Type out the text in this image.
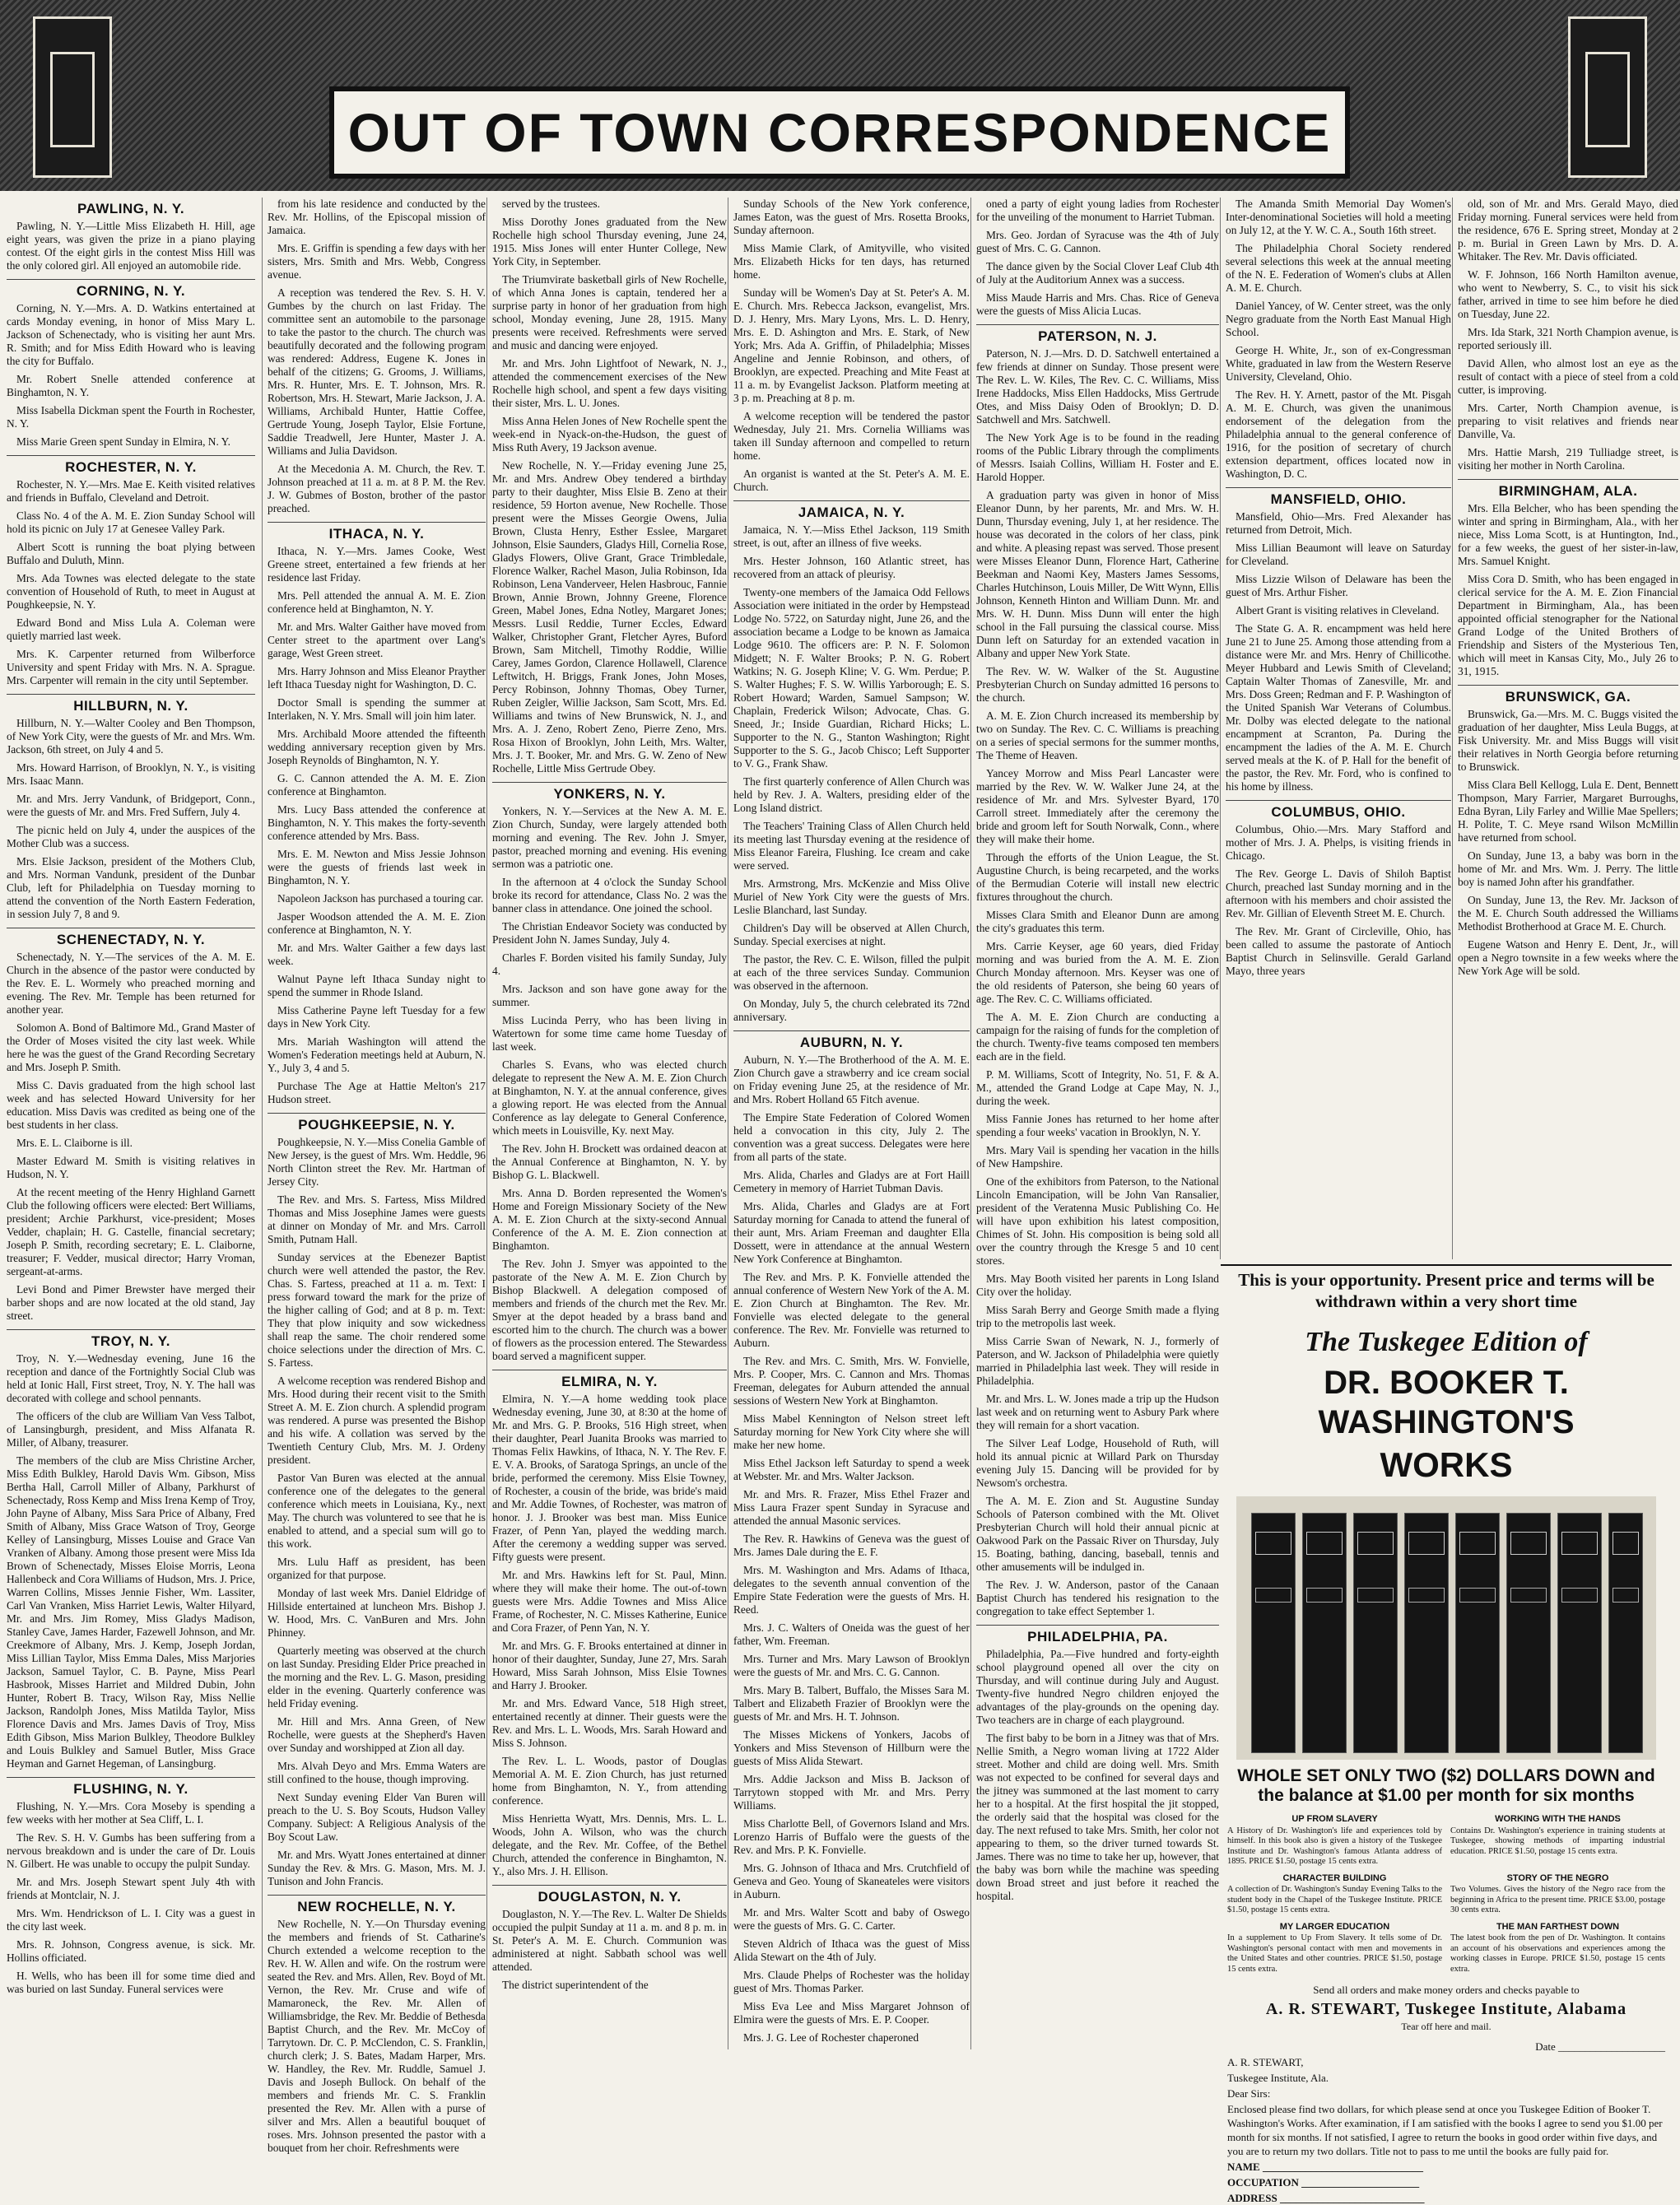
OUT OF TOWN CORRESPONDENCE
PAWLING, N. Y.

Pawling, N. Y.—Little Miss Elizabeth H. Hill, age eight years, was given the prize in a piano playing contest. Of the eight girls in the contest Miss Hill was the only colored girl. All enjoyed an automobile ride.

CORNING, N. Y.

Corning, N. Y.—Mrs. A. D. Watkins entertained at cards Monday evening, in honor of Miss Mary L. Jackson of Schenectady, who is visiting her aunt Mrs. R. Smith; and for Miss Edith Howard who is leaving the city for Buffalo.

Mr. Robert Snelle attended conference at Binghamton, N. Y.

Miss Isabella Dickman spent the Fourth in Rochester, N. Y.

Miss Marie Green spent Sunday in Elmira, N. Y.

ROCHESTER, N. Y.

Rochester, N. Y.—Mrs. Mae E. Keith visited relatives and friends in Buffalo, Cleveland and Detroit.

Class No. 4 of the A. M. E. Zion Sunday School will hold its picnic on July 17 at Genesee Valley Park.

Albert Scott is running the boat plying between Buffalo and Duluth, Minn.

Mrs. Ada Townes was elected delegate to the state convention of Household of Ruth, to meet in August at Poughkeepsie, N. Y.

Edward Bond and Miss Lula A. Coleman were quietly married last week.

Mrs. K. Carpenter returned from Wilberforce University and spent Friday with Mrs. N. A. Sprague. Mrs. Carpenter will remain in the city until September.

HILLBURN, N. Y.

Hillburn, N. Y.—Walter Cooley and Ben Thompson, of New York City, were the guests of Mr. and Mrs. Wm. Jackson, 6th street, on July 4 and 5.

Mrs. Howard Harrison, of Brooklyn, N. Y., is visiting Mrs. Isaac Mann.

Mr. and Mrs. Jerry Vandunk, of Bridgeport, Conn., were the guests of Mr. and Mrs. Fred Suffern, July 4.

The picnic held on July 4, under the auspices of the Mother Club was a success.

Mrs. Elsie Jackson, president of the Mothers Club, and Mrs. Norman Vandunk, president of the Dunbar Club, left for Philadelphia on Tuesday morning to attend the convention of the North Eastern Federation, in session July 7, 8 and 9.

SCHENECTADY, N. Y.

Schenectady, N. Y.—The services of the A. M. E. Church in the absence of the pastor were conducted by the Rev. E. L. Wormely who preached morning and evening. The Rev. Mr. Temple has been returned for another year.

Solomon A. Bond of Baltimore Md., Grand Master of the Order of Moses visited the city last week. While here he was the guest of the Grand Recording Secretary and Mrs. Joseph P. Smith.

Miss C. Davis graduated from the high school last week and has selected Howard University for her education. Miss Davis was credited as being one of the best students in her class.

Mrs. E. L. Claiborne is ill.

Master Edward M. Smith is visiting relatives in Hudson, N. Y.

At the recent meeting of the Henry Highland Garnett Club the following officers were elected: Bert Williams, president; Archie Parkhurst, vice-president; Moses Vedder, chaplain; H. G. Castelle, financial secretary; Joseph P. Smith, recording secretary; E. L. Claiborne, treasurer; F. Vedder, musical director; Harry Vroman, sergeant-at-arms.

Levi Bond and Pimer Brewster have merged their barber shops and are now located at the old stand, Jay street.

TROY, N. Y.

Troy, N. Y.—Wednesday evening, June 16 the reception and dance of the Fortnightly Social Club was held at Ionic Hall, First street, Troy, N. Y. The hall was decorated with college and school pennants.

The officers of the club are William Van Vess Talbot, of Lansingburgh, president, and Miss Alfanata R. Miller, of Albany, treasurer.

The members of the club are Miss Christine Archer, Miss Edith Bulkley, Harold Davis Wm. Gibson, Miss Bertha Hall, Carroll Miller of Albany, Parkhurst of Schenectady, Ross Kemp and Miss Irena Kemp of Troy, John Payne of Albany, Miss Sara Price of Albany, Fred Smith of Albany, Miss Grace Watson of Troy, George Kelley of Lansingburg, Misses Louise and Grace Van Vranken of Albany. Among those present were Miss Ida Brown of Schenectady, Misses Eloise Morris, Leona Hallenbeck and Cora Williams of Hudson, Mrs. J. Price, Warren Collins, Misses Jennie Fisher, Wm. Lassiter, Carl Van Vranken, Miss Harriet Lewis, Walter Hilyard, Mr. and Mrs. Jim Romey, Miss Gladys Madison, Stanley Cave, James Harder, Fazewell Johnson, and Mr. Creekmore of Albany, Mrs. J. Kemp, Joseph Jordan, Miss Lillian Taylor, Miss Emma Dales, Miss Marjories Jackson, Samuel Taylor, C. B. Payne, Miss Pearl Hasbrook, Misses Harriet and Mildred Dubin, John Hunter, Robert B. Tracy, Wilson Ray, Miss Nellie Jackson, Randolph Jones, Miss Matilda Taylor, Miss Florence Davis and Mrs. James Davis of Troy, Miss Edith Gibson, Miss Marion Bulkley, Theodore Bulkley and Louis Bulkley and Samuel Butler, Miss Grace Heyman and Garnet Hegeman, of Lansingburg.

FLUSHING, N. Y.

Flushing, N. Y.—Mrs. Cora Moseby is spending a few weeks with her mother at Sea Cliff, L. I.

The Rev. S. H. V. Gumbs has been suffering from a nervous breakdown and is under the care of Dr. Louis N. Gilbert. He was unable to occupy the pulpit Sunday.

Mr. and Mrs. Joseph Stewart spent July 4th with friends at Montclair, N. J.

Mrs. Wm. Hendrickson of L. I. City was a guest in the city last week.

Mrs. R. Johnson, Congress avenue, is sick. Mr. Hollins officiated.

H. Wells, who has been ill for some time died and was buried on last Sunday. Funeral services were

from his late residence and conducted by the Rev. Mr. Hollins, of the Episcopal mission of Jamaica.

Mrs. E. Griffin is spending a few days with her sisters, Mrs. Smith and Mrs. Webb, Congress avenue.

A reception was tendered the Rev. S. H. V. Gumbes by the church on last Friday. The committee sent an automobile to the parsonage to take the pastor to the church. The church was beautifully decorated and the following program was rendered: Address, Eugene K. Jones in behalf of the citizens; G. Grooms, J. Williams, Mrs. R. Hunter, Mrs. E. T. Johnson, Mrs. R. Robertson, Mrs. H. Stewart, Marie Jackson, J. A. Williams, Archibald Hunter, Hattie Coffee, Gertrude Young, Joseph Taylor, Elsie Fortune, Saddie Treadwell, Jere Hunter, Master J. A. Williams and Julia Davidson.

At the Mecedonia A. M. Church, the Rev. T. Johnson preached at 11 a. m. at 8 P. M. the Rev. J. W. Gubmes of Boston, brother of the pastor preached.

ITHACA, N. Y.

Ithaca, N. Y.—Mrs. James Cooke, West Greene street, entertained a few friends at her residence last Friday.

Mrs. Pell attended the annual A. M. E. Zion conference held at Binghamton, N. Y.

Mr. and Mrs. Walter Gaither have moved from Center street to the apartment over Lang's garage, West Green street.

Mrs. Harry Johnson and Miss Eleanor Prayther left Ithaca Tuesday night for Washington, D. C.

Doctor Small is spending the summer at Interlaken, N. Y. Mrs. Small will join him later.

Mrs. Archibald Moore attended the fifteenth wedding anniversary reception given by Mrs. Joseph Reynolds of Binghamton, N. Y.

G. C. Cannon attended the A. M. E. Zion conference at Binghamton.

Mrs. Lucy Bass attended the conference at Binghamton, N. Y. This makes the forty-seventh conference attended by Mrs. Bass.

Mrs. E. M. Newton and Miss Jessie Johnson were the guests of friends last week in Binghamton, N. Y.

Napoleon Jackson has purchased a touring car.

Jasper Woodson attended the A. M. E. Zion conference at Binghamton, N. Y.

Mr. and Mrs. Walter Gaither a few days last week.

Walnut Payne left Ithaca Sunday night to spend the summer in Rhode Island.

Miss Catherine Payne left Tuesday for a few days in New York City.

Mrs. Mariah Washington will attend the Women's Federation meetings held at Auburn, N. Y., July 3, 4 and 5.

Purchase The Age at Hattie Melton's 217 Hudson street.

POUGHKEEPSIE, N. Y.

Poughkeepsie, N. Y.—Miss Conelia Gamble of New Jersey, is the guest of Mrs. Wm. Heddle, 96 North Clinton street the Rev. Mr. Hartman of Jersey City.

The Rev. and Mrs. S. Fartess, Miss Mildred Thomas and Miss Josephine James were guests at dinner on Monday of Mr. and Mrs. Carroll Smith, Putnam Hall.

Sunday services at the Ebenezer Baptist church were well attended the pastor, the Rev. Chas. S. Fartess, preached at 11 a. m. Text: I press forward toward the mark for the prize of the higher calling of God; and at 8 p. m. Text: They that plow iniquity and sow wickedness shall reap the same. The choir rendered some choice selections under the direction of Mrs. C. S. Fartess.

A welcome reception was rendered Bishop and Mrs. Hood during their recent visit to the Smith Street A. M. E. Zion church. A splendid program was rendered. A purse was presented the Bishop and his wife. A collation was served by the Twentieth Century Club, Mrs. M. J. Ordeny president.

Pastor Van Buren was elected at the annual conference one of the delegates to the general conference which meets in Louisiana, Ky., next May. The church was voluntered to see that he is enabled to attend, and a special sum will go to this work.

Mrs. Lulu Haff as president, has been organized for that purpose.

Monday of last week Mrs. Daniel Eldridge of Hillside entertained at luncheon Mrs. Bishop J. W. Hood, Mrs. C. VanBuren and Mrs. John Phinney.

Quarterly meeting was observed at the church on last Sunday. Presiding Elder Price preached in the morning and the Rev. L. G. Mason, presiding elder in the evening. Quarterly conference was held Friday evening.

Mr. Hill and Mrs. Anna Green, of New Rochelle, were guests at the Shepherd's Haven over Sunday and worshipped at Zion all day.

Mrs. Alvah Deyo and Mrs. Emma Waters are still confined to the house, though improving.

Next Sunday evening Elder Van Buren will preach to the U. S. Boy Scouts, Hudson Valley Company. Subject: A Religious Analysis of the Boy Scout Law.

Mr. and Mrs. Wyatt Jones entertained at dinner Sunday the Rev. & Mrs. G. Mason, Mrs. M. J. Tunison and John Francis.

NEW ROCHELLE, N. Y.

New Rochelle, N. Y.—On Thursday evening the members and friends of St. Catharine's Church extended a welcome reception to the Rev. H. W. Allen and wife. On the rostrum were seated the Rev. and Mrs. Allen, Rev. Boyd of Mt. Vernon, the Rev. Mr. Cruse and wife of Mamaroneck, the Rev. Mr. Allen of Williamsbridge, the Rev. Mr. Beddie of Bethesda Baptist Church, and the Rev. Mr. McCoy of Tarrytown. Dr. C. P. McClendon, C. S. Franklin, church clerk; J. S. Bates, Madam Harper, Mrs. W. Handley, the Rev. Mr. Ruddle, Samuel J. Davis and Joseph Bullock. On behalf of the members and friends Mr. C. S. Franklin presented the Rev. Mr. Allen with a purse of silver and Mrs. Allen a beautiful bouquet of roses. Mrs. Johnson presented the pastor with a bouquet from her choir. Refreshments were

served by the trustees.

Miss Dorothy Jones graduated from the New Rochelle high school Thursday evening, June 24, 1915. Miss Jones will enter Hunter College, New York City, in September.

The Triumvirate basketball girls of New Rochelle, of which Anna Jones is captain, tendered her a surprise party in honor of her graduation from high school, Monday evening, June 28, 1915. Many presents were received. Refreshments were served and music and dancing were enjoyed.

Mr. and Mrs. John Lightfoot of Newark, N. J., attended the commencement exercises of the New Rochelle high school, and spent a few days visiting their sister, Mrs. L. U. Jones.

Miss Anna Helen Jones of New Rochelle spent the week-end in Nyack-on-the-Hudson, the guest of Miss Ruth Avery, 19 Jackson avenue.

New Rochelle, N. Y.—Friday evening June 25, Mr. and Mrs. Andrew Obey tendered a birthday party to their daughter, Miss Elsie B. Zeno at their residence, 59 Horton avenue, New Rochelle. Those present were the Misses Georgie Owens, Julia Brown, Clusta Henry, Esther Esslee, Margaret Johnson, Elsie Saunders, Gladys Hill, Cornelia Rose, Gladys Flowers, Olive Grant, Grace Trimbledale, Florence Walker, Rachel Mason, Julia Robinson, Ida Robinson, Lena Vanderveer, Helen Hasbrouc, Fannie Brown, Annie Brown, Johnny Greene, Florence Green, Mabel Jones, Edna Notley, Margaret Jones; Messrs. Lusil Reddie, Turner Eccles, Edward Walker, Christopher Grant, Fletcher Ayres, Buford Brown, Sam Mitchell, Timothy Roddie, Willie Carey, James Gordon, Clarence Hollawell, Clarence Leftwitch, H. Briggs, Frank Jones, John Moses, Percy Robinson, Johnny Thomas, Obey Turner, Ruben Zeigler, Willie Jackson, Sam Scott, Mrs. Ed. Williams and twins of New Brunswick, N. J., and Mrs. A. J. Zeno, Robert Zeno, Pierre Zeno, Mrs. Rosa Hixon of Brooklyn, John Leith, Mrs. Walter, Mrs. J. T. Booker, Mr. and Mrs. G. W. Zeno of New Rochelle, Little Miss Gertrude Obey.

YONKERS, N. Y.

Yonkers, N. Y.—Services at the New A. M. E. Zion Church, Sunday, were largely attended both morning and evening. The Rev. John J. Smyer, pastor, preached morning and evening. His evening sermon was a patriotic one.

In the afternoon at 4 o'clock the Sunday School broke its record for attendance, Class No. 2 was the banner class in attendance. One joined the school.

The Christian Endeavor Society was conducted by President John N. James Sunday, July 4.

Charles F. Borden visited his family Sunday, July 4.

Mrs. Jackson and son have gone away for the summer.

Miss Lucinda Perry, who has been living in Watertown for some time came home Tuesday of last week.

Charles S. Evans, who was elected church delegate to represent the New A. M. E. Zion Church at Binghamton, N. Y. at the annual conference, gives a glowing report. He was elected from the Annual Conference as lay delegate to General Conference, which meets in Louisville, Ky. next May.

The Rev. John H. Brockett was ordained deacon at the Annual Conference at Binghamton, N. Y. by Bishop G. L. Blackwell.

Mrs. Anna D. Borden represented the Women's Home and Foreign Missionary Society of the New A. M. E. Zion Church at the sixty-second Annual Conference of the A. M. E. Zion connection at Binghamton.

The Rev. John J. Smyer was appointed to the pastorate of the New A. M. E. Zion Church by Bishop Blackwell. A delegation composed of members and friends of the church met the Rev. Mr. Smyer at the depot headed by a brass band and escorted him to the church. The church was a bower of flowers as the procession entered. The Stewardess board served a magnificent supper.

ELMIRA, N. Y.

Elmira, N. Y.—A home wedding took place Wednesday evening, June 30, at 8:30 at the home of Mr. and Mrs. G. P. Brooks, 516 High street, when their daughter, Pearl Juanita Brooks was married to Thomas Felix Hawkins, of Ithaca, N. Y. The Rev. F. E. V. A. Brooks, of Saratoga Springs, an uncle of the bride, performed the ceremony. Miss Elsie Towney, of Rochester, a cousin of the bride, was bride's maid and Mr. Addie Townes, of Rochester, was matron of honor. J. J. Brooker was best man. Miss Eunice Frazer, of Penn Yan, played the wedding march. After the ceremony a wedding supper was served. Fifty guests were present.

Mr. and Mrs. Hawkins left for St. Paul, Minn. where they will make their home. The out-of-town guests were Mrs. Addie Townes and Miss Alice Frame, of Rochester, N. C. Misses Katherine, Eunice and Cora Frazer, of Penn Yan, N. Y.

Mr. and Mrs. G. F. Brooks entertained at dinner in honor of their daughter, Sunday, June 27, Mrs. Sarah Howard, Miss Sarah Johnson, Miss Elsie Townes and Harry J. Brooker.

Mr. and Mrs. Edward Vance, 518 High street, entertained recently at dinner. Their guests were the Rev. and Mrs. L. L. Woods, Mrs. Sarah Howard and Miss S. Johnson.

The Rev. L. L. Woods, pastor of Douglas Memorial A. M. E. Zion Church, has just returned home from Binghamton, N. Y., from attending conference.

Miss Henrietta Wyatt, Mrs. Dennis, Mrs. L. L. Woods, John A. Wilson, who was the church delegate, and the Rev. Mr. Coffee, of the Bethel Church, attended the conference in Binghamton, N. Y., also Mrs. J. H. Ellison.

DOUGLASTON, N. Y.

Douglaston, N. Y.—The Rev. L. Walter De Shields occupied the pulpit Sunday at 11 a. m. and 8 p. m. in St. Peter's A. M. E. Church. Communion was administered at night. Sabbath school was well attended.

The district superintendent of the

Sunday Schools of the New York conference, James Eaton, was the guest of Mrs. Rosetta Brooks, Sunday afternoon.

Miss Mamie Clark, of Amityville, who visited Mrs. Elizabeth Hicks for ten days, has returned home.

Sunday will be Women's Day at St. Peter's A. M. E. Church. Mrs. Rebecca Jackson, evangelist, Mrs. D. J. Henry, Mrs. Mary Lyons, Mrs. L. D. Henry, Mrs. E. D. Ashington and Mrs. E. Stark, of New York; Mrs. Ada A. Griffin, of Philadelphia; Misses Angeline and Jennie Robinson, and others, of Brooklyn, are expected. Preaching and Mite Feast at 11 a. m. by Evangelist Jackson. Platform meeting at 3 p. m. Preaching at 8 p. m.

A welcome reception will be tendered the pastor Wednesday, July 21. Mrs. Cornelia Williams was taken ill Sunday afternoon and compelled to return home.

An organist is wanted at the St. Peter's A. M. E. Church.

JAMAICA, N. Y.

Jamaica, N. Y.—Miss Ethel Jackson, 119 Smith street, is out, after an illness of five weeks.

Mrs. Hester Johnson, 160 Atlantic street, has recovered from an attack of pleurisy.

Twenty-one members of the Jamaica Odd Fellows Association were initiated in the order by Hempstead Lodge No. 5722, on Saturday night, June 26, and the association became a Lodge to be known as Jamaica Lodge 9610. The officers are: P. N. F. Solomon Midgett; N. F. Walter Brooks; P. N. G. Robert Watkins; N. G. Joseph Kline; V. G. Wm. Perdue; P. S. Walter Hughes; F. S. W. Willis Yarborough; E. S. Robert Howard; Warden, Samuel Sampson; W. Chaplain, Frederick Wilson; Advocate, Chas. G. Sneed, Jr.; Inside Guardian, Richard Hicks; L. Supporter to the N. G., Stanton Washington; Right Supporter to the S. G., Jacob Chisco; Left Supporter to V. G., Frank Shaw.

The first quarterly conference of Allen Church was held by Rev. J. A. Walters, presiding elder of the Long Island district.

The Teachers' Training Class of Allen Church held its meeting last Thursday evening at the residence of Miss Eleanor Fareira, Flushing. Ice cream and cake were served.

Mrs. Armstrong, Mrs. McKenzie and Miss Olive Muriel of New York City were the guests of Mrs. Leslie Blanchard, last Sunday.

Children's Day will be observed at Allen Church, Sunday. Special exercises at night.

The pastor, the Rev. C. E. Wilson, filled the pulpit at each of the three services Sunday. Communion was observed in the afternoon.

On Monday, July 5, the church celebrated its 72nd anniversary.

AUBURN, N. Y.

Auburn, N. Y.—The Brotherhood of the A. M. E. Zion Church gave a strawberry and ice cream social on Friday evening June 25, at the residence of Mr. and Mrs. Robert Holland 65 Fitch avenue.

The Empire State Federation of Colored Women held a convocation in this city, July 2. The convention was a great success. Delegates were here from all parts of the state.

Mrs. Alida, Charles and Gladys are at Fort Haill Cemetery in memory of Harriet Tubman Davis.

Mrs. Alida, Charles and Gladys are at Fort Saturday morning for Canada to attend the funeral of their aunt, Mrs. Ariam Freeman and daughter Ella Dossett, were in attendance at the annual Western New York Conference at Binghamton.

The Rev. and Mrs. P. K. Fonvielle attended the annual conference of Western New York of the A. M. E. Zion Church at Binghamton. The Rev. Mr. Fonvielle was elected delegate to the general conference. The Rev. Mr. Fonvielle was returned to Auburn.

The Rev. and Mrs. C. Smith, Mrs. W. Fonvielle, Mrs. P. Cooper, Mrs. C. Cannon and Mrs. Thomas Freeman, delegates for Auburn attended the annual sessions of Western New York at Binghamton.

Miss Mabel Kennington of Nelson street left Saturday morning for New York City where she will make her new home.

Miss Ethel Jackson left Saturday to spend a week at Webster. Mr. and Mrs. Walter Jackson.

Mr. and Mrs. R. Frazer, Miss Ethel Frazer and Miss Laura Frazer spent Sunday in Syracuse and attended the annual Masonic services.

The Rev. R. Hawkins of Geneva was the guest of Mrs. James Dale during the E. F.

Mrs. M. Washington and Mrs. Adams of Ithaca, delegates to the seventh annual convention of the Empire State Federation were the guests of Mrs. H. Reed.

Mrs. J. C. Walters of Oneida was the guest of her father, Wm. Freeman.

Mrs. Turner and Mrs. Mary Lawson of Brooklyn were the guests of Mr. and Mrs. C. G. Cannon.

Mrs. Mary B. Talbert, Buffalo, the Misses Sara M. Talbert and Elizabeth Frazier of Brooklyn were the guests of Mr. and Mrs. H. T. Johnson.

The Misses Mickens of Yonkers, Jacobs of Yonkers and Miss Stevenson of Hillburn were the guests of Miss Alida Stewart.

Mrs. Addie Jackson and Miss B. Jackson of Tarrytown stopped with Mr. and Mrs. Perry Williams.

Miss Charlotte Bell, of Governors Island and Mrs. Lorenzo Harris of Buffalo were the guests of the Rev. and Mrs. P. K. Fonvielle.

Mrs. G. Johnson of Ithaca and Mrs. Crutchfield of Geneva and Geo. Young of Skaneateles were visitors in Auburn.

Mr. and Mrs. Walter Scott and baby of Oswego were the guests of Mrs. G. C. Carter.

Steven Aldrich of Ithaca was the guest of Miss Alida Stewart on the 4th of July.

Mrs. Claude Phelps of Rochester was the holiday guest of Mrs. Thomas Parker.

Miss Eva Lee and Miss Margaret Johnson of Elmira were the guests of Mrs. E. P. Cooper.

Mrs. J. G. Lee of Rochester chaperoned

oned a party of eight young ladies from Rochester for the unveiling of the monument to Harriet Tubman.

Mrs. Geo. Jordan of Syracuse was the 4th of July guest of Mrs. C. G. Cannon.

The dance given by the Social Clover Leaf Club 4th of July at the Auditorium Annex was a success.

Miss Maude Harris and Mrs. Chas. Rice of Geneva were the guests of Miss Alicia Lucas.

PATERSON, N. J.

Paterson, N. J.—Mrs. D. D. Satchwell entertained a few friends at dinner on Sunday. Those present were The Rev. L. W. Kiles, The Rev. C. C. Williams, Miss Irene Haddocks, Miss Ellen Haddocks, Miss Gertrude Otes, and Miss Daisy Oden of Brooklyn; D. D. Satchwell and Mrs. Satchwell.

The New York Age is to be found in the reading rooms of the Public Library through the compliments of Messrs. Isaiah Collins, William H. Foster and E. Harold Hopper.

A graduation party was given in honor of Miss Eleanor Dunn, by her parents, Mr. and Mrs. W. H. Dunn, Thursday evening, July 1, at her residence. The house was decorated in the colors of her class, pink and white. A pleasing repast was served. Those present were Misses Eleanor Dunn, Florence Hart, Catherine Beekman and Naomi Key, Masters James Sessoms, Charles Hutchinson, Louis Miller, De Witt Wynn, Ellis Johnson, Kenneth Hinton and William Dunn. Mr. and Mrs. W. H. Dunn. Miss Dunn will enter the high school in the Fall pursuing the classical course. Miss Dunn left on Saturday for an extended vacation in Albany and upper New York State.

The Rev. W. W. Walker of the St. Augustine Presbyterian Church on Sunday admitted 16 persons to the church.

A. M. E. Zion Church increased its membership by two on Sunday. The Rev. C. C. Williams is preaching on a series of special sermons for the summer months, The Theme of Heaven.

Yancey Morrow and Miss Pearl Lancaster were married by the Rev. W. W. Walker June 24, at the residence of Mr. and Mrs. Sylvester Byard, 170 Carroll street. Immediately after the ceremony the bride and groom left for South Norwalk, Conn., where they will make their home.

Through the efforts of the Union League, the St. Augustine Church, is being recarpeted, and the works of the Bermudian Coterie will install new electric fixtures throughout the church.

Misses Clara Smith and Eleanor Dunn are among the city's graduates this term.

Mrs. Carrie Keyser, age 60 years, died Friday morning and was buried from the A. M. E. Zion Church Monday afternoon. Mrs. Keyser was one of the old residents of Paterson, she being 60 years of age. The Rev. C. C. Williams officiated.

The A. M. E. Zion Church are conducting a campaign for the raising of funds for the completion of the church. Twenty-five teams composed ten members each are in the field.

P. M. Williams, Scott of Integrity, No. 51, F. & A. M., attended the Grand Lodge at Cape May, N. J., during the week.

Miss Fannie Jones has returned to her home after spending a four weeks' vacation in Brooklyn, N. Y.

Mrs. Mary Vail is spending her vacation in the hills of New Hampshire.

One of the exhibitors from Paterson, to the National Lincoln Emancipation, will be John Van Ransalier, president of the Veratenna Music Publishing Co. He will have upon exhibition his latest composition, Chimes of St. John. His composition is being sold all over the country through the Kresge 5 and 10 cent stores.

Mrs. May Booth visited her parents in Long Island City over the holiday.

Miss Sarah Berry and George Smith made a flying trip to the metropolis last week.

Miss Carrie Swan of Newark, N. J., formerly of Paterson, and W. Jackson of Philadelphia were quietly married in Philadelphia last week. They will reside in Philadelphia.

Mr. and Mrs. L. W. Jones made a trip up the Hudson last week and on returning went to Asbury Park where they will remain for a short vacation.

The Silver Leaf Lodge, Household of Ruth, will hold its annual picnic at Willard Park on Thursday evening July 15. Dancing will be provided for by Newsom's orchestra.

The A. M. E. Zion and St. Augustine Sunday Schools of Paterson combined with the Mt. Olivet Presbyterian Church will hold their annual picnic at Oakwood Park on the Passaic River on Thursday, July 15. Boating, bathing, dancing, baseball, tennis and other amusements will be indulged in.

The Rev. J. W. Anderson, pastor of the Canaan Baptist Church has tendered his resignation to the congregation to take effect September 1.

PHILADELPHIA, PA.

Philadelphia, Pa.—Five hundred and forty-eighth school playground opened all over the city on Thursday, and will continue during July and August. Twenty-five hundred Negro children enjoyed the advantages of the play-grounds on the opening day. Two teachers are in charge of each playground.

The first baby to be born in a Jitney was that of Mrs. Nellie Smith, a Negro woman living at 1722 Alder street. Mother and child are doing well. Mrs. Smith was not expected to be confined for several days and the jitney was summoned at the last moment to carry her to a hospital. At the first hospital the jit stopped, the orderly said that the hospital was closed for the day. The next refused to take Mrs. Smith, her color not appearing to them, so the driver turned towards St. James. There was no time to take her up, however, that the baby was born while the machine was speeding down Broad street and just before it reached the hospital.

The Amanda Smith Memorial Day Women's Inter-denominational Societies will hold a meeting on July 12, at the Y. W. C. A., South 16th street.

The Philadelphia Choral Society rendered several selections this week at the annual meeting of the N. E. Federation of Women's clubs at Allen A. M. E. Church.

Daniel Yancey, of W. Center street, was the only Negro graduate from the North East Manual High School.

George H. White, Jr., son of ex-Congressman White, graduated in law from the Western Reserve University, Cleveland, Ohio.

The Rev. H. Y. Arnett, pastor of the Mt. Pisgah A. M. E. Church, was given the unanimous endorsement of the delegation from the Philadelphia annual to the general conference of 1916, for the position of secretary of church extension department, offices located now in Washington, D. C.

MANSFIELD, OHIO.

Mansfield, Ohio—Mrs. Fred Alexander has returned from Detroit, Mich.

Miss Lillian Beaumont will leave on Saturday for Cleveland.

Miss Lizzie Wilson of Delaware has been the guest of Mrs. Arthur Fisher.

Albert Grant is visiting relatives in Cleveland.

The State G. A. R. encampment was held here June 21 to June 25. Among those attending from a distance were Mr. and Mrs. Henry of Chillicothe. Meyer Hubbard and Lewis Smith of Cleveland; Captain Walter Thomas of Zanesville, Mr. and Mrs. Doss Green; Redman and F. P. Washington of the United Spanish War Veterans of Columbus. Mr. Dolby was elected delegate to the national encampment at Scranton, Pa. During the encampment the ladies of the A. M. E. Church served meals at the K. of P. Hall for the benefit of the pastor, the Rev. Mr. Ford, who is confined to his home by illness.

COLUMBUS, OHIO.

Columbus, Ohio.—Mrs. Mary Stafford and mother of Mrs. J. A. Phelps, is visiting friends in Chicago.

The Rev. George L. Davis of Shiloh Baptist Church, preached last Sunday morning and in the afternoon with his members and choir assisted the Rev. Mr. Gillian of Eleventh Street M. E. Church.

The Rev. Mr. Grant of Circleville, Ohio, has been called to assume the pastorate of Antioch Baptist Church in Selinsville. Gerald Garland Mayo, three years

old, son of Mr. and Mrs. Gerald Mayo, died Friday morning. Funeral services were held from the residence, 676 E. Spring street, Monday at 2 p. m. Burial in Green Lawn by Mrs. D. A. Whitaker. The Rev. Mr. Davis officiated.

W. F. Johnson, 166 North Hamilton avenue, who went to Newberry, S. C., to visit his sick father, arrived in time to see him before he died on Tuesday, June 22.

Mrs. Ida Stark, 321 North Champion avenue, is reported seriously ill.

David Allen, who almost lost an eye as the result of contact with a piece of steel from a cold cutter, is improving.

Mrs. Carter, North Champion avenue, is preparing to visit relatives and friends near Danville, Va.

Mrs. Hattie Marsh, 219 Tulliadge street, is visiting her mother in North Carolina.

BIRMINGHAM, ALA.

Mrs. Ella Belcher, who has been spending the winter and spring in Birmingham, Ala., with her niece, Miss Loma Scott, is at Huntington, Ind., for a few weeks, the guest of her sister-in-law, Mrs. Samuel Knight.

Miss Cora D. Smith, who has been engaged in clerical service for the A. M. E. Zion Financial Department in Birmingham, Ala., has been appointed official stenographer for the National Grand Lodge of the United Brothers of Friendship and Sisters of the Mysterious Ten, which will meet in Kansas City, Mo., July 26 to 31, 1915.

BRUNSWICK, GA.

Brunswick, Ga.—Mrs. M. C. Buggs visited the graduation of her daughter, Miss Leula Buggs, at Fisk University. Mr. and Miss Buggs will visit their relatives in North Georgia before returning to Brunswick.

Miss Clara Bell Kellogg, Lula E. Dent, Bennett Thompson, Mary Farrier, Margaret Burroughs, Edna Byran, Lily Farley and Willie Mae Spellers; H. Polite, T. C. Meye rsand Wilson McMillin have returned from school.

On Sunday, June 13, a baby was born in the home of Mr. and Mrs. Wm. J. Perry. The little boy is named John after his grandfather.

On Sunday, June 13, the Rev. Mr. Jackson of the M. E. Church South addressed the Williams Methodist Brotherhood at Grace M. E. Church.

Eugene Watson and Henry E. Dent, Jr., will open a Negro townsite in a few weeks where the New York Age will be sold.

This is your opportunity. Present price and terms will be withdrawn within a very short time
The Tuskegee Edition of
DR. BOOKER T. WASHINGTON'S
WORKS
WHOLE SET ONLY TWO ($2) DOLLARS DOWN and the balance at $1.00 per month for six months
UP FROM SLAVERY

A History of Dr. Washington's life and experiences told by himself. In this book also is given a history of the Tuskegee Institute and Dr. Washington's famous Atlanta address of 1895. PRICE $1.50, postage 15 cents extra.

WORKING WITH THE HANDS

Contains Dr. Washington's experience in training students at Tuskegee, showing methods of imparting industrial education. PRICE $1.50, postage 15 cents extra.

CHARACTER BUILDING

A collection of Dr. Washington's Sunday Evening Talks to the student body in the Chapel of the Tuskegee Institute. PRICE $1.50, postage 15 cents extra.

STORY OF THE NEGRO

Two Volumes. Gives the history of the Negro race from the beginning in Africa to the present time. PRICE $3.00, postage 30 cents extra.

MY LARGER EDUCATION

In a supplement to Up From Slavery. It tells some of Dr. Washington's personal contact with men and movements in the United States and other countries. PRICE $1.50, postage 15 cents extra.

THE MAN FARTHEST DOWN

The latest book from the pen of Dr. Washington. It contains an account of his observations and experiences among the working classes in Europe. PRICE $1.50, postage 15 cents extra.

Send all orders and make money orders and checks payable to
A. R. STEWART, Tuskegee Institute, Alabama
Tear off here and mail.

Date ____________________

A. R. STEWART,

Tuskegee Institute, Ala.

Dear Sirs:

Enclosed please find two dollars, for which please send at once you Tuskegee Edition of Booker T. Washington's Works. After examination, if I am satisfied with the books I agree to send you $1.00 per month for six months. If not satisfied, I agree to return the books in good order within five days, and you are to return my two dollars. Title not to pass to me until the books are fully paid for.

NAME ______________________________

OCCUPATION ______________________

ADDRESS ___________________________
